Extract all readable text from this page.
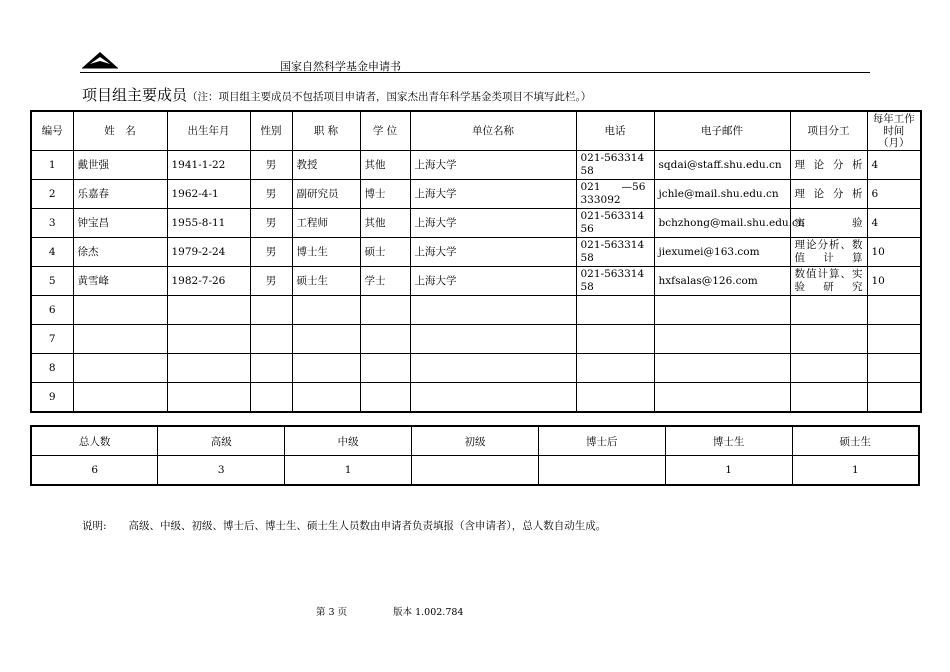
国家自然科学基金申请书
项目组主要成员（注：项目组主要成员不包括项目申请者，国家杰出青年科学基金类项目不填写此栏。）
编号	姓　名	出生年月	性别	职 称	学 位	单位名称	电话	电子邮件	项目分工	每年工作时间（月）
1	戴世强	1941-1-22	男	教授	其他	上海大学	021-56331458	sqdai@staff.shu.edu.cn	理论分析	4
2	乐嘉春	1962-4-1	男	副研究员	博士	上海大学	021　　—56333092	jchle@mail.shu.edu.cn	理论分析	6
3	钟宝昌	1955-8-11	男	工程师	其他	上海大学	021-56331456	bchzhong@mail.shu.edu.cn	实验	4
4	徐杰	1979-2-24	男	博士生	硕士	上海大学	021-56331458	jiexumei@163.com	理论分析、数值计算	10
5	黄雪峰	1982-7-26	男	硕士生	学士	上海大学	021-56331458	hxfsalas@126.com	数值计算、实验研究	10
6										
7										
8										
9										
总人数	高级	中级	初级	博士后	博士生	硕士生
6	3	1			1	1
说明: 高级、中级、初级、博士后、博士生、硕士生人员数由申请者负责填报（含申请者），总人数自动生成。
第 3 页	版本 1.002.784
